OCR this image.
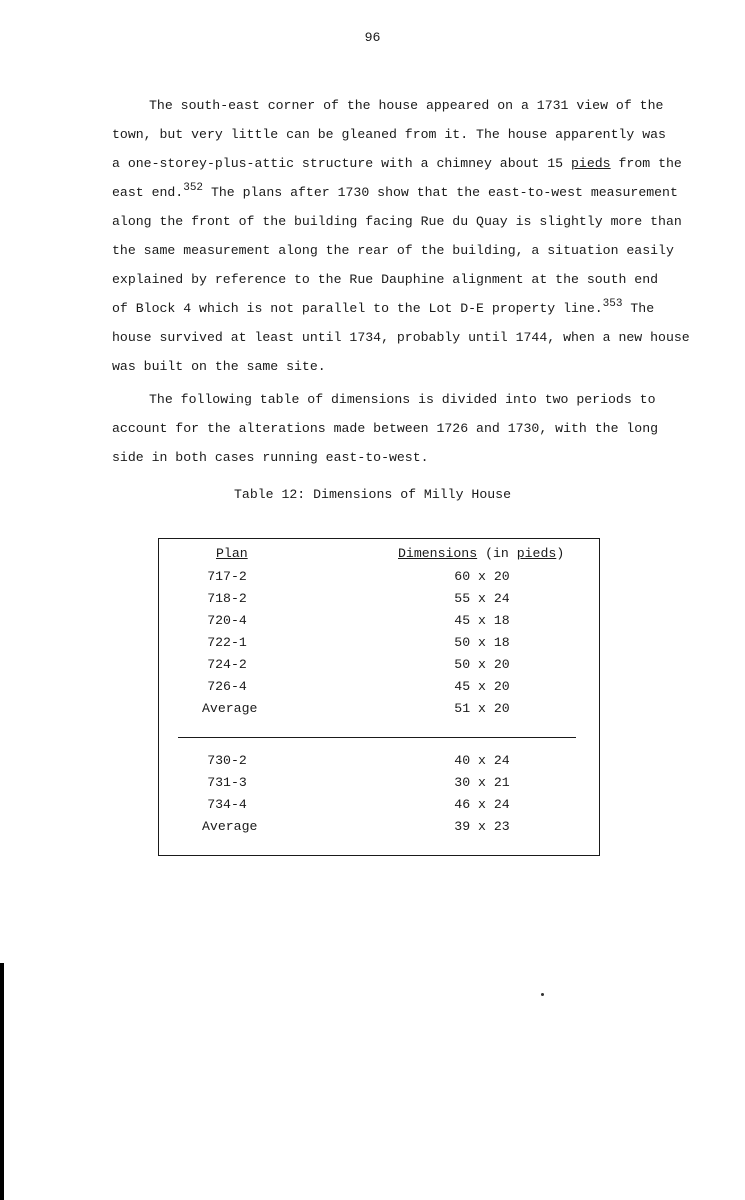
96
The south-east corner of the house appeared on a 1731 view of the
town, but very little can be gleaned from it. The house apparently was
a one-storey-plus-attic structure with a chimney about 15 pieds from the
east end.$^{352}$ The plans after 1730 show that the east-to-west measurement
along the front of the building facing Rue du Quay is slightly more than
the same measurement along the rear of the building, a situation easily
explained by reference to the Rue Dauphine alignment at the south end
of Block 4 which is not parallel to the Lot D-E property line.$^{353}$ The
house survived at least until 1734, probably until 1744, when a new house
was built on the same site.
The following table of dimensions is divided into two periods to
account for the alterations made between 1726 and 1730, with the long
side in both cases running east-to-west.
Table 12: Dimensions of Milly House
Plan	Dimensions (in pieds)
717-2	60 x 20
718-2	55 x 24
720-4	45 x 18
722-1	50 x 18
724-2	50 x 20
726-4	45 x 20
Average	51 x 20
730-2	40 x 24
731-3	30 x 21
734-4	46 x 24
Average	39 x 23
